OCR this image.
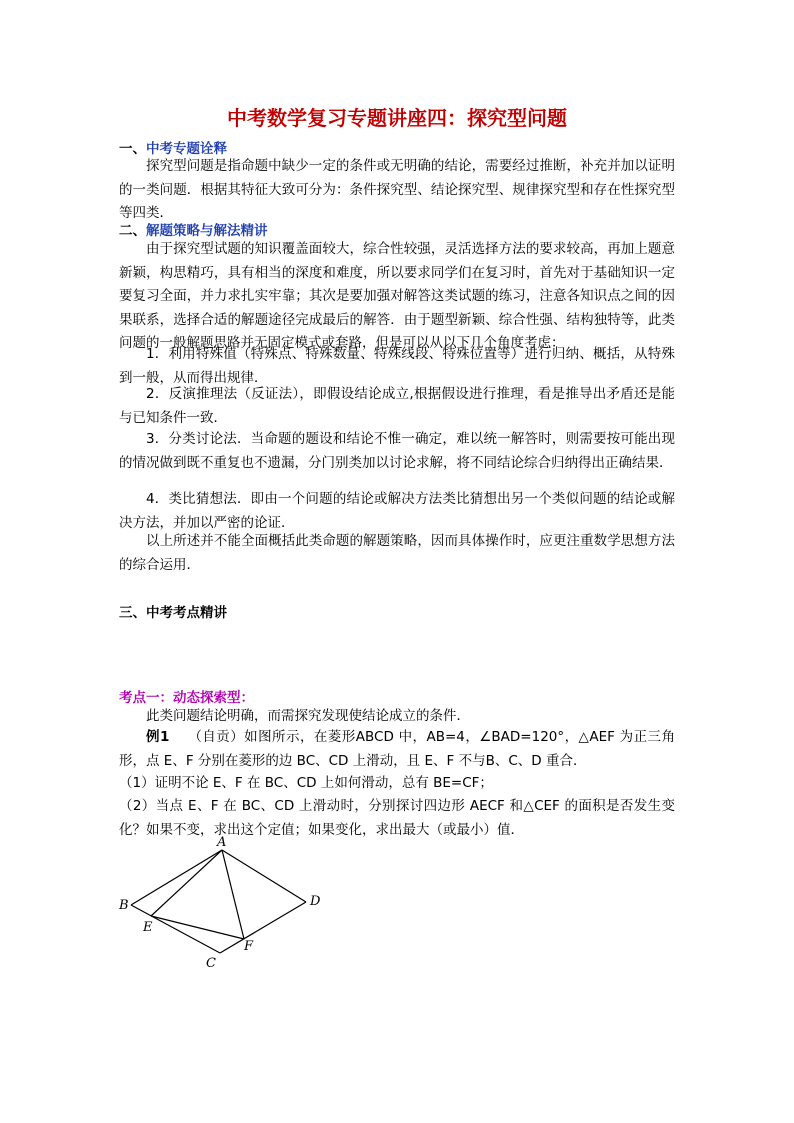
中考数学复习专题讲座四：探究型问题
一、中考专题诠释
探究型问题是指命题中缺少一定的条件或无明确的结论，需要经过推断，补充并加以证明的一类问题．根据其特征大致可分为：条件探究型、结论探究型、规律探究型和存在性探究型等四类．
二、解题策略与解法精讲
由于探究型试题的知识覆盖面较大，综合性较强，灵活选择方法的要求较高，再加上题意新颖，构思精巧，具有相当的深度和难度，所以要求同学们在复习时，首先对于基础知识一定要复习全面，并力求扎实牢靠；其次是要加强对解答这类试题的练习，注意各知识点之间的因果联系，选择合适的解题途径完成最后的解答．由于题型新颖、综合性强、结构独特等，此类问题的一般解题思路并无固定模式或套路，但是可以从以下几个角度考虑：
1．利用特殊值（特殊点、特殊数量、特殊线段、特殊位置等）进行归纳、概括，从特殊到一般，从而得出规律．
2．反演推理法（反证法），即假设结论成立,根据假设进行推理，看是推导出矛盾还是能与已知条件一致．
3．分类讨论法．当命题的题设和结论不惟一确定，难以统一解答时，则需要按可能出现的情况做到既不重复也不遗漏，分门别类加以讨论求解，将不同结论综合归纳得出正确结果．
4．类比猜想法．即由一个问题的结论或解决方法类比猜想出另一个类似问题的结论或解决方法，并加以严密的论证．
以上所述并不能全面概括此类命题的解题策略，因而具体操作时，应更注重数学思想方法的综合运用．
三、中考考点精讲
考点一：动态探索型：
此类问题结论明确，而需探究发现使结论成立的条件．
例1 （自贡）如图所示，在菱形ABCD 中，AB=4，∠BAD=120°，△AEF 为正三角形，点 E、F 分别在菱形的边 BC、CD 上滑动，且 E、F 不与B、C、D 重合．
（1）证明不论 E、F 在 BC、CD 上如何滑动，总有 BE=CF；
（2）当点 E、F 在 BC、CD 上滑动时，分别探讨四边形 AECF 和△CEF 的面积是否发生变化？如果不变，求出这个定值；如果变化，求出最大（或最小）值．
A
B
C
D
E
F
